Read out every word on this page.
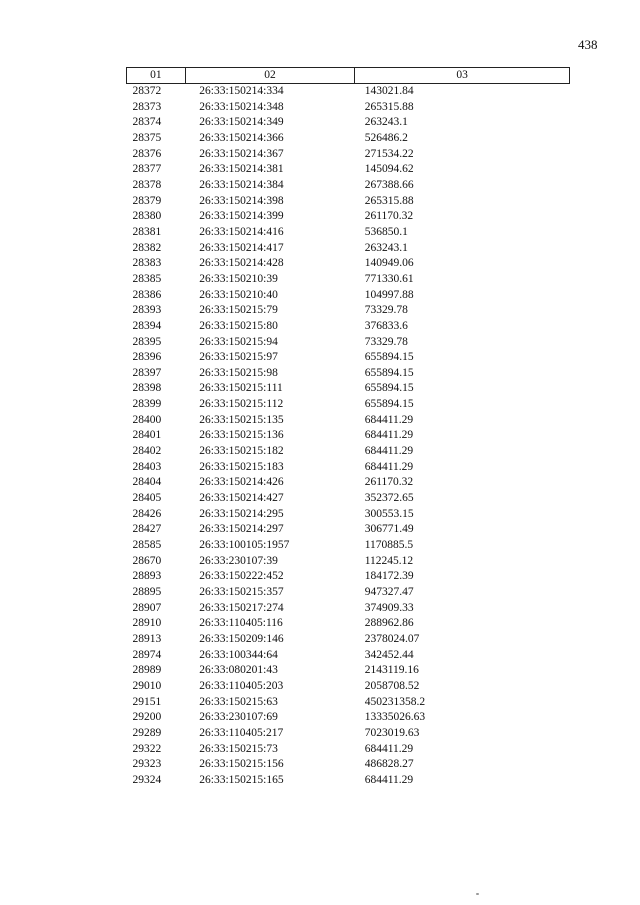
438
01	02	03
28372	26:33:150214:334	143021.84
28373	26:33:150214:348	265315.88
28374	26:33:150214:349	263243.1
28375	26:33:150214:366	526486.2
28376	26:33:150214:367	271534.22
28377	26:33:150214:381	145094.62
28378	26:33:150214:384	267388.66
28379	26:33:150214:398	265315.88
28380	26:33:150214:399	261170.32
28381	26:33:150214:416	536850.1
28382	26:33:150214:417	263243.1
28383	26:33:150214:428	140949.06
28385	26:33:150210:39	771330.61
28386	26:33:150210:40	104997.88
28393	26:33:150215:79	73329.78
28394	26:33:150215:80	376833.6
28395	26:33:150215:94	73329.78
28396	26:33:150215:97	655894.15
28397	26:33:150215:98	655894.15
28398	26:33:150215:111	655894.15
28399	26:33:150215:112	655894.15
28400	26:33:150215:135	684411.29
28401	26:33:150215:136	684411.29
28402	26:33:150215:182	684411.29
28403	26:33:150215:183	684411.29
28404	26:33:150214:426	261170.32
28405	26:33:150214:427	352372.65
28426	26:33:150214:295	300553.15
28427	26:33:150214:297	306771.49
28585	26:33:100105:1957	1170885.5
28670	26:33:230107:39	112245.12
28893	26:33:150222:452	184172.39
28895	26:33:150215:357	947327.47
28907	26:33:150217:274	374909.33
28910	26:33:110405:116	288962.86
28913	26:33:150209:146	2378024.07
28974	26:33:100344:64	342452.44
28989	26:33:080201:43	2143119.16
29010	26:33:110405:203	2058708.52
29151	26:33:150215:63	450231358.2
29200	26:33:230107:69	13335026.63
29289	26:33:110405:217	7023019.63
29322	26:33:150215:73	684411.29
29323	26:33:150215:156	486828.27
29324	26:33:150215:165	684411.29
